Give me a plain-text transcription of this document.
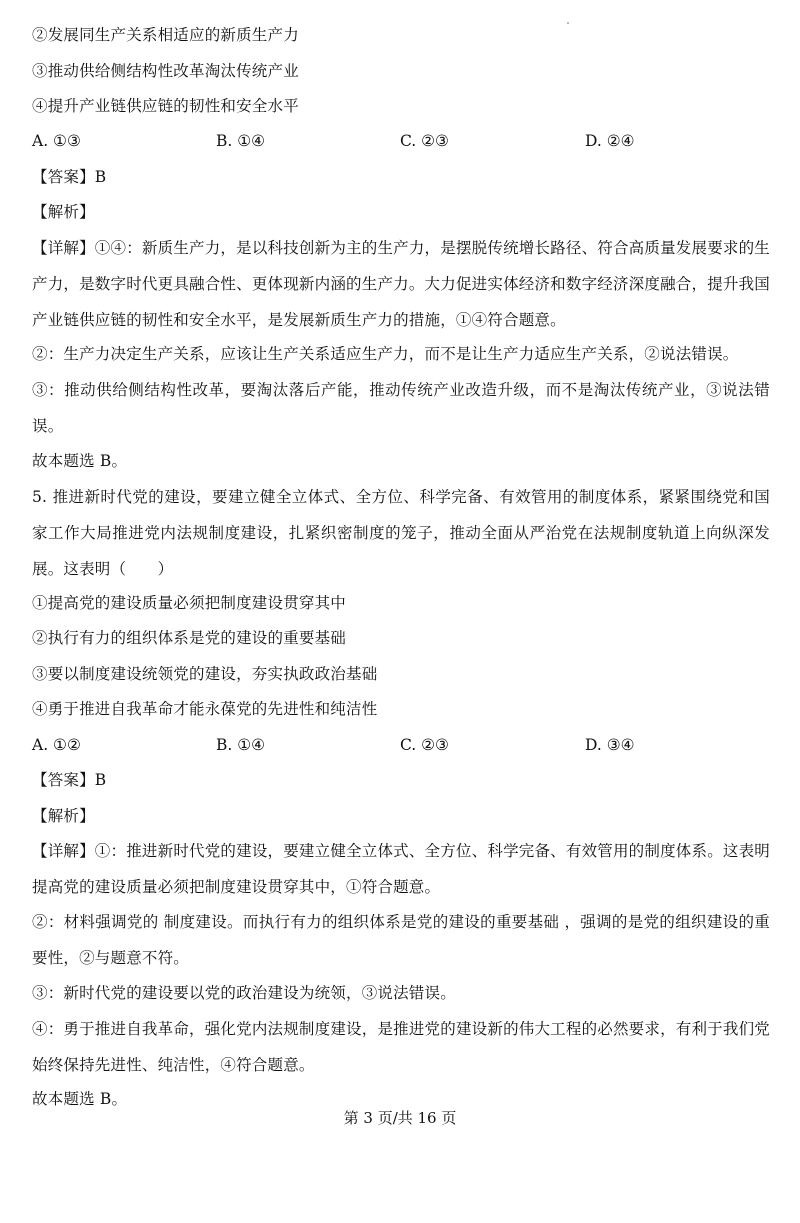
②发展同生产关系相适应的新质生产力
③推动供给侧结构性改革淘汰传统产业
④提升产业链供应链的韧性和安全水平
A. ①③	B. ①④	C. ②③	D. ②④
【答案】B
【解析】
【详解】①④：新质生产力，是以科技创新为主的生产力，是摆脱传统增长路径、符合高质量发展要求的生产力，是数字时代更具融合性、更体现新内涵的生产力。大力促进实体经济和数字经济深度融合，提升我国产业链供应链的韧性和安全水平，是发展新质生产力的措施，①④符合题意。
②：生产力决定生产关系，应该让生产关系适应生产力，而不是让生产力适应生产关系，②说法错误。
③：推动供给侧结构性改革，要淘汰落后产能，推动传统产业改造升级，而不是淘汰传统产业，③说法错误。
故本题选 B。
5. 推进新时代党的建设，要建立健全立体式、全方位、科学完备、有效管用的制度体系，紧紧围绕党和国家工作大局推进党内法规制度建设，扎紧织密制度的笼子，推动全面从严治党在法规制度轨道上向纵深发展。这表明（　　）
①提高党的建设质量必须把制度建设贯穿其中
②执行有力的组织体系是党的建设的重要基础
③要以制度建设统领党的建设，夯实执政政治基础
④勇于推进自我革命才能永葆党的先进性和纯洁性
A. ①②	B. ①④	C. ②③	D. ③④
【答案】B
【解析】
【详解】①：推进新时代党的建设，要建立健全立体式、全方位、科学完备、有效管用的制度体系。这表明提高党的建设质量必须把制度建设贯穿其中，①符合题意。
②：材料强调党的 制度建设。而执行有力的组织体系是党的建设的重要基础 ，强调的是党的组织建设的重要性，②与题意不符。
③：新时代党的建设要以党的政治建设为统领，③说法错误。
④：勇于推进自我革命，强化党内法规制度建设，是推进党的建设新的伟大工程的必然要求，有利于我们党始终保持先进性、纯洁性，④符合题意。
故本题选 B。
第 3 页/共 16 页
